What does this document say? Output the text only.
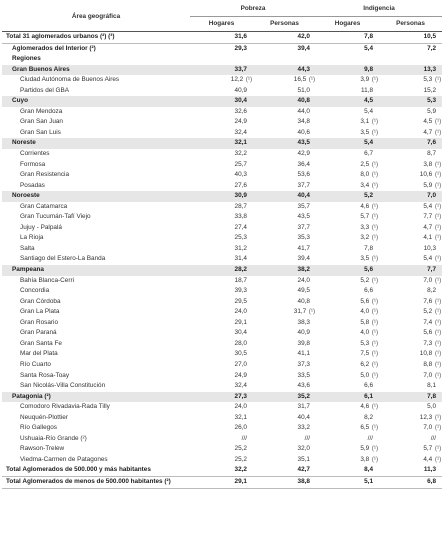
Área geográfica	Pobreza		Indigencia	
	Hogares	Personas	Hogares	Personas
Total 31 aglomerados urbanos (²) (³)	31,6	42,0	7,8	10,5
Aglomerados del Interior (²)	29,3	39,4	5,4	7,2
Regiones				
Gran Buenos Aires	33,7	44,3	9,8	13,3
Ciudad Autónoma de Buenos Aires	12,2 (¹)	16,5 (¹)	3,9 (¹)	5,3 (¹)
Partidos del GBA	40,9	51,0	11,8	15,2
Cuyo	30,4	40,8	4,5	5,3
Gran Mendoza	32,6	44,0	5,4	5,9
Gran San Juan	24,9	34,8	3,1 (¹)	4,5 (¹)
Gran San Luis	32,4	40,6	3,5 (¹)	4,7 (¹)
Noreste	32,1	43,5	5,4	7,6
Corrientes	32,2	42,9	6,7	8,7
Formosa	25,7	36,4	2,5 (¹)	3,8 (¹)
Gran Resistencia	40,3	53,6	8,0 (¹)	10,6 (¹)
Posadas	27,6	37,7	3,4 (¹)	5,9 (¹)
Noroeste	30,9	40,4	5,2	7,0
Gran Catamarca	28,7	35,7	4,6 (¹)	5,4 (¹)
Gran Tucumán-Tafí Viejo	33,8	43,5	5,7 (¹)	7,7 (¹)
Jujuy - Palpalá	27,4	37,7	3,3 (¹)	4,7 (¹)
La Rioja	25,3	35,3	3,2 (¹)	4,1 (¹)
Salta	31,2	41,7	7,8	10,3
Santiago del Estero-La Banda	31,4	39,4	3,5 (¹)	5,4 (¹)
Pampeana	28,2	38,2	5,6	7,7
Bahía Blanca-Cerri	18,7	24,0	5,2 (¹)	7,0 (¹)
Concordia	39,3	49,5	6,6	8,2
Gran Córdoba	29,5	40,8	5,6 (¹)	7,6 (¹)
Gran La Plata	24,0	31,7 (¹)	4,0 (¹)	5,2 (¹)
Gran Rosario	29,1	38,3	5,8 (¹)	7,4 (¹)
Gran Paraná	30,4	40,9	4,0 (¹)	5,6 (¹)
Gran Santa Fe	28,0	39,8	5,3 (¹)	7,3 (¹)
Mar del Plata	30,5	41,1	7,5 (¹)	10,8 (¹)
Río Cuarto	27,0	37,3	6,2 (¹)	8,8 (¹)
Santa Rosa-Toay	24,9	33,5	5,0 (¹)	7,0 (¹)
San Nicolás-Villa Constitución	32,4	43,6	6,6	8,1
Patagonia (²)	27,3	35,2	6,1	7,8
Comodoro Rivadavia-Rada Tilly	24,0	31,7	4,6 (¹)	5,0
Neuquén-Plottier	32,1	40,4	8,2	12,3 (¹)
Río Gallegos	26,0	33,2	6,5 (¹)	7,0 (¹)
Ushuaia-Río Grande (²)	///	///	///	///
Rawson-Trelew	25,2	32,0	5,9 (¹)	5,7 (¹)
Viedma-Carmen de Patagones	25,2	35,1	3,8 (¹)	4,4 (¹)
Total Aglomerados de 500.000 y más habitantes	32,2	42,7	8,4	11,3
Total Aglomerados de menos de 500.000 habitantes (²)	29,1	38,8	5,1	6,8
